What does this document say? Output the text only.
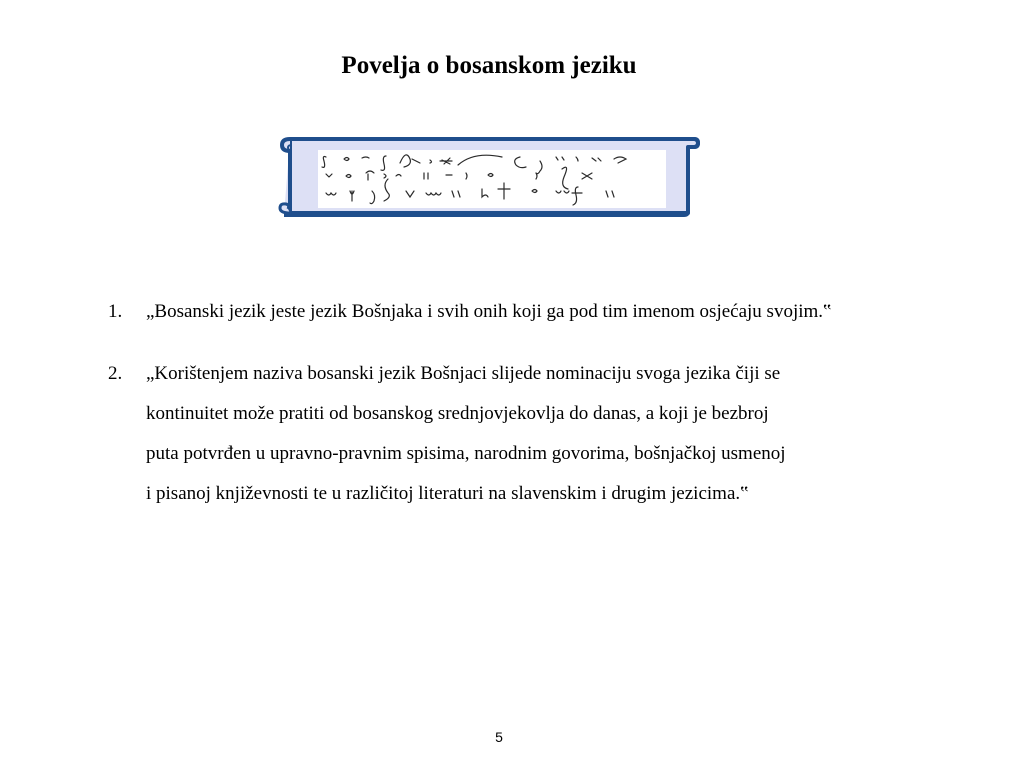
Povelja o bosanskom jeziku
1.	„Bosanski jezik jeste jezik Bošnjaka i svih onih koji ga pod tim imenom osjećaju svojim.‟
2.	„Korištenjem naziva bosanski jezik Bošnjaci slijede nominaciju svoga jezika čiji se
kontinuitet može pratiti od bosanskog srednjovjekovlja do danas, a koji je bezbroj
puta potvrđen u upravno-pravnim spisima, narodnim govorima, bošnjačkoj usmenoj
i pisanoj književnosti te u različitoj literaturi na slavenskim i drugim jezicima.‟
5
